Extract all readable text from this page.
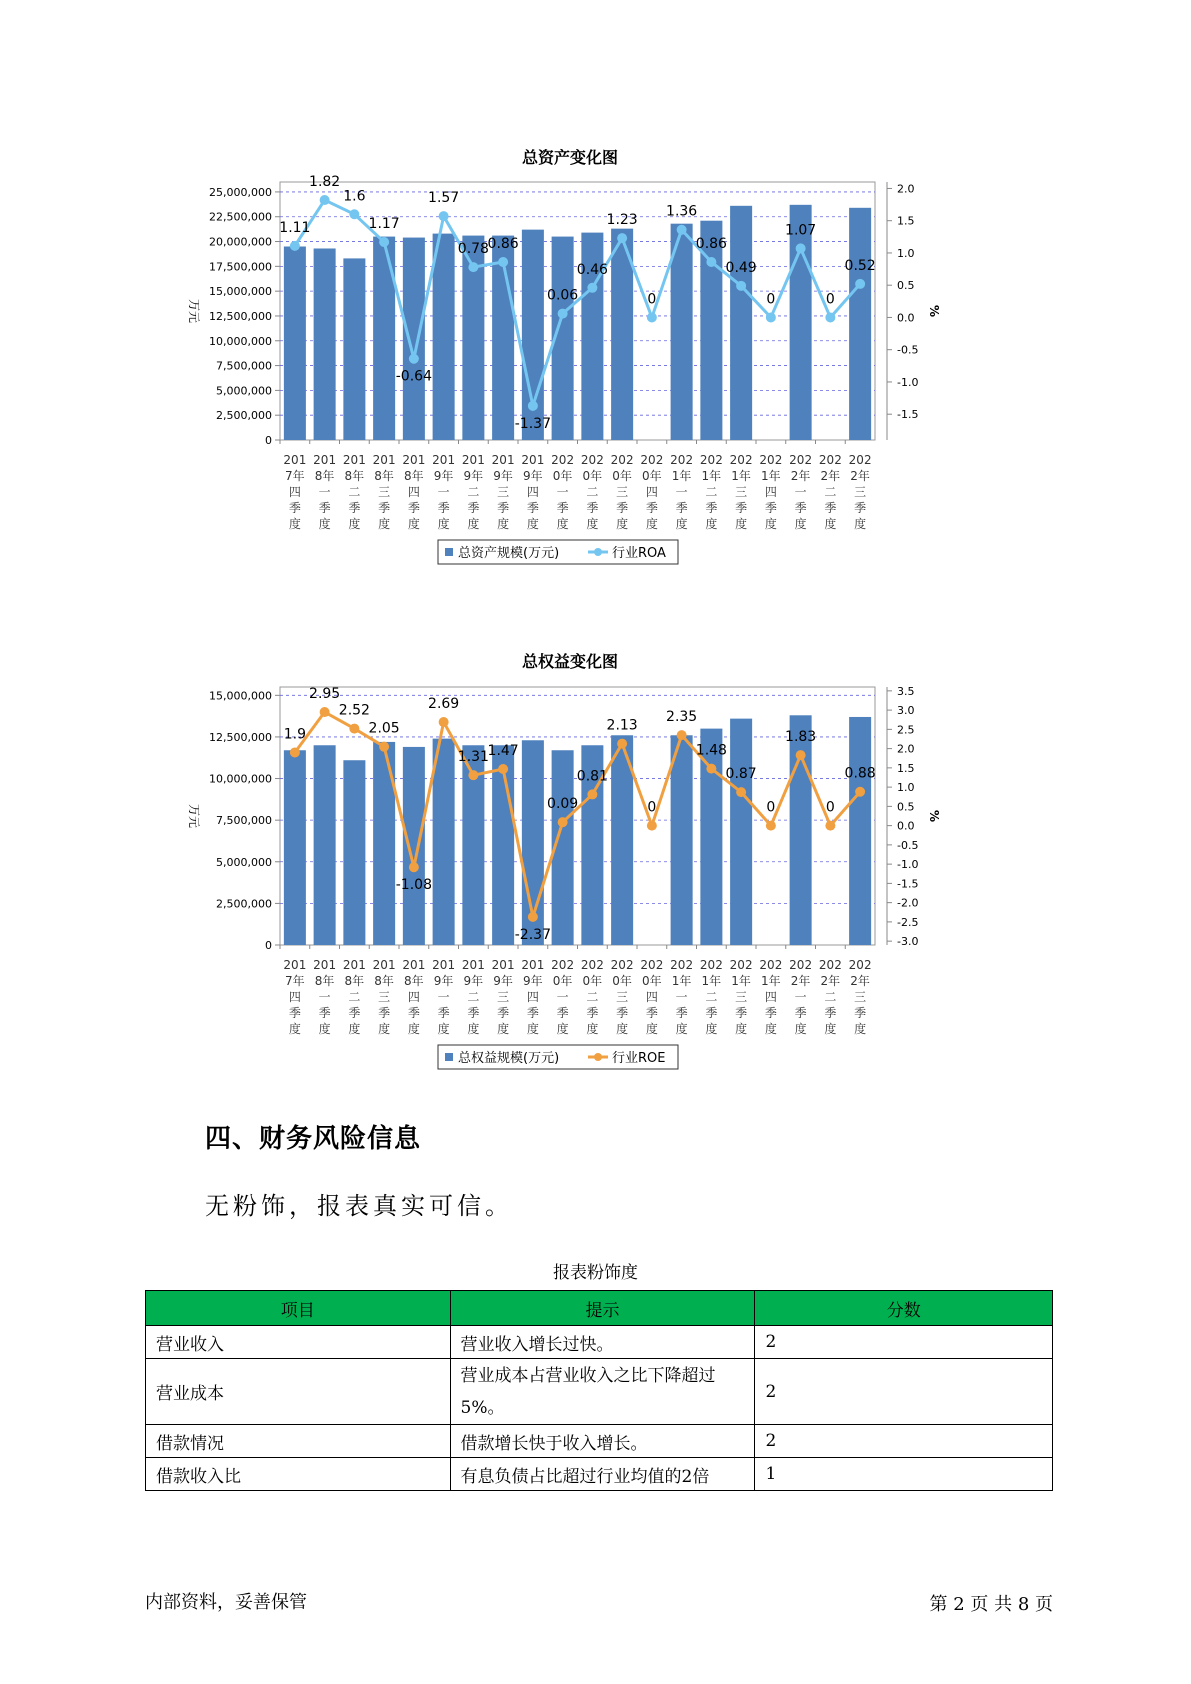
总资产变化图
25,000,000
22,500,000
20,000,000
17,500,000
15,000,000
12,500,000
10,000,000
7,500,000
5,000,000
2,500,000
0
2.0
1.5
1.0
0.5
0.0
-0.5
-1.0
-1.5
万元	%
201 7年四季度
201 8年一季度
201 8年二季度
201 8年三季度
201 8年四季度
201 9年一季度
201 9年二季度
201 9年三季度
201 9年四季度
202 0年一季度
202 0年二季度
202 0年三季度
202 0年四季度
202 1年一季度
202 1年二季度
202 1年三季度
202 1年四季度
202 2年一季度
202 2年二季度
202 2年三季度
1.11
1.82
1.6
1.17
-0.64
1.57
0.78
0.86
-1.37
0.06
0.46
1.23
0
1.36
0.86
0.49
0
1.07
0
0.52
总资产规模(万元)	行业ROA
总权益变化图
15,000,000
12,500,000
10,000,000
7,500,000
5,000,000
2,500,000
0
3.5
3.0
2.5
2.0
1.5
1.0
0.5
0.0
-0.5
-1.0
-1.5
-2.0
-2.5
-3.0
万元	%
201 7年四季度
201 8年一季度
201 8年二季度
201 8年三季度
201 8年四季度
201 9年一季度
201 9年二季度
201 9年三季度
201 9年四季度
202 0年一季度
202 0年二季度
202 0年三季度
202 0年四季度
202 1年一季度
202 1年二季度
202 1年三季度
202 1年四季度
202 2年一季度
202 2年二季度
202 2年三季度
1.9
2.95
2.52
2.05
-1.08
2.69
1.31
1.47
-2.37
0.09
0.81
2.13
0
2.35
1.48
0.87
0
1.83
0
0.88
总权益规模(万元)	行业ROE
四、财务风险信息
无粉饰，报表真实可信。
报表粉饰度
项目	提示	分数
营业收入	营业收入增长过快。	2
营业成本	营业成本占营业收入之比下降超过5%。	2
借款情况	借款增长快于收入增长。	2
借款收入比	有息负债占比超过行业均值的2倍	1
内部资料，妥善保管	第 2 页 共 8 页
